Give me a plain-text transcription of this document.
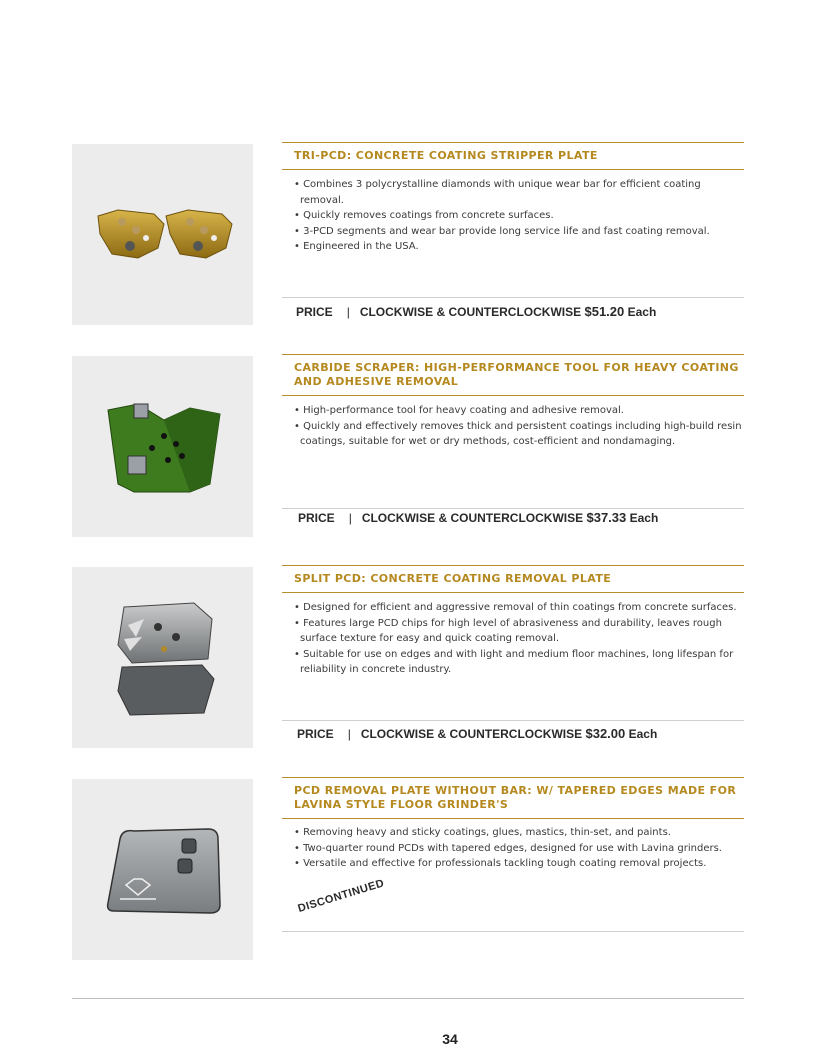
TRI-PCD: CONCRETE COATING STRIPPER PLATE
• Combines 3 polycrystalline diamonds with unique wear bar for efficient coating removal.
• Quickly removes coatings from concrete surfaces.
• 3-PCD segments and wear bar provide long service life and fast coating removal.
• Engineered in the USA.
PRICE | CLOCKWISE & COUNTERCLOCKWISE $51.20 Each
CARBIDE SCRAPER: HIGH-PERFORMANCE TOOL FOR HEAVY COATING AND ADHESIVE REMOVAL
• High-performance tool for heavy coating and adhesive removal.
• Quickly and effectively removes thick and persistent coatings including high-build resin coatings, suitable for wet or dry methods, cost-efficient and nondamaging.
PRICE | CLOCKWISE & COUNTERCLOCKWISE $37.33 Each
SPLIT PCD: CONCRETE COATING REMOVAL PLATE
• Designed for efficient and aggressive removal of thin coatings from concrete surfaces.
• Features large PCD chips for high level of abrasiveness and durability, leaves rough surface texture for easy and quick coating removal.
• Suitable for use on edges and with light and medium floor machines, long lifespan for reliability in concrete industry.
PRICE | CLOCKWISE & COUNTERCLOCKWISE $32.00 Each
PCD REMOVAL PLATE WITHOUT BAR: W/ TAPERED EDGES MADE FOR LAVINA STYLE FLOOR GRINDER'S
• Removing heavy and sticky coatings, glues, mastics, thin-set, and paints.
• Two-quarter round PCDs with tapered edges, designed for use with Lavina grinders.
• Versatile and effective for professionals tackling tough coating removal projects.
DISCONTINUED
34
